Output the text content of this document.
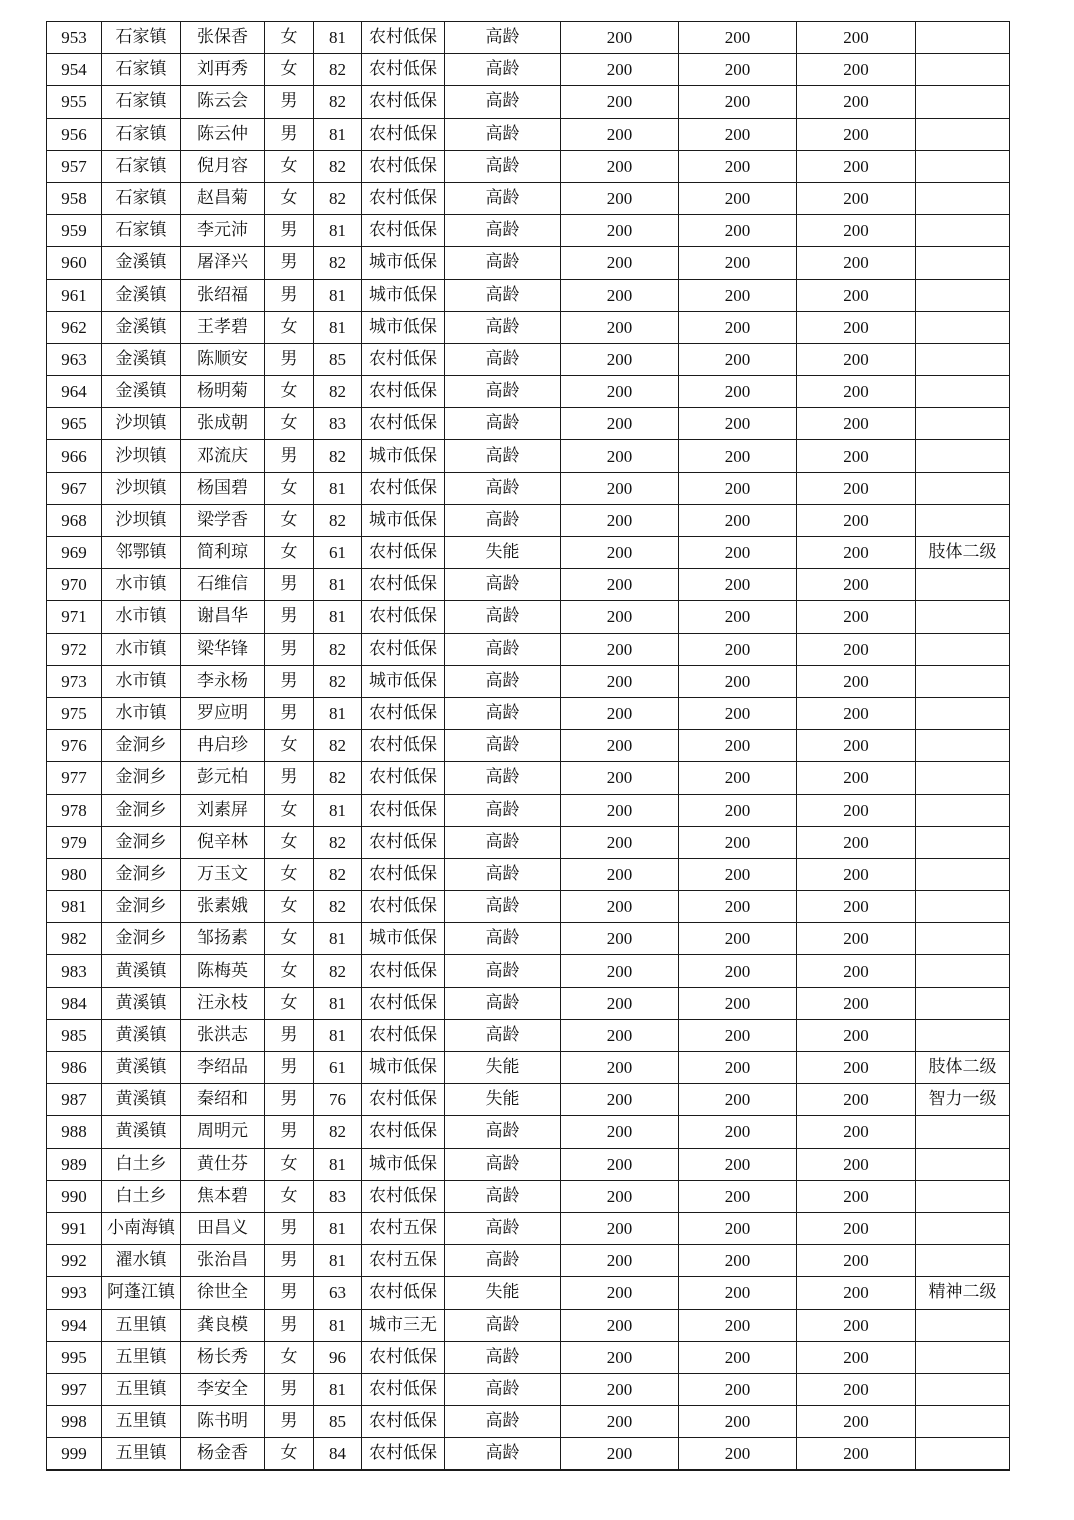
953	石家镇	张保香	女	81	农村低保	高龄	200	200	200	
954	石家镇	刘再秀	女	82	农村低保	高龄	200	200	200	
955	石家镇	陈云会	男	82	农村低保	高龄	200	200	200	
956	石家镇	陈云仲	男	81	农村低保	高龄	200	200	200	
957	石家镇	倪月容	女	82	农村低保	高龄	200	200	200	
958	石家镇	赵昌菊	女	82	农村低保	高龄	200	200	200	
959	石家镇	李元沛	男	81	农村低保	高龄	200	200	200	
960	金溪镇	屠泽兴	男	82	城市低保	高龄	200	200	200	
961	金溪镇	张绍福	男	81	城市低保	高龄	200	200	200	
962	金溪镇	王孝碧	女	81	城市低保	高龄	200	200	200	
963	金溪镇	陈顺安	男	85	农村低保	高龄	200	200	200	
964	金溪镇	杨明菊	女	82	农村低保	高龄	200	200	200	
965	沙坝镇	张成朝	女	83	农村低保	高龄	200	200	200	
966	沙坝镇	邓流庆	男	82	城市低保	高龄	200	200	200	
967	沙坝镇	杨国碧	女	81	农村低保	高龄	200	200	200	
968	沙坝镇	梁学香	女	82	城市低保	高龄	200	200	200	
969	邻鄂镇	简利琼	女	61	农村低保	失能	200	200	200	肢体二级
970	水市镇	石维信	男	81	农村低保	高龄	200	200	200	
971	水市镇	谢昌华	男	81	农村低保	高龄	200	200	200	
972	水市镇	梁华锋	男	82	农村低保	高龄	200	200	200	
973	水市镇	李永杨	男	82	城市低保	高龄	200	200	200	
975	水市镇	罗应明	男	81	农村低保	高龄	200	200	200	
976	金洞乡	冉启珍	女	82	农村低保	高龄	200	200	200	
977	金洞乡	彭元柏	男	82	农村低保	高龄	200	200	200	
978	金洞乡	刘素屏	女	81	农村低保	高龄	200	200	200	
979	金洞乡	倪辛林	女	82	农村低保	高龄	200	200	200	
980	金洞乡	万玉文	女	82	农村低保	高龄	200	200	200	
981	金洞乡	张素娥	女	82	农村低保	高龄	200	200	200	
982	金洞乡	邹扬素	女	81	城市低保	高龄	200	200	200	
983	黄溪镇	陈梅英	女	82	农村低保	高龄	200	200	200	
984	黄溪镇	汪永枝	女	81	农村低保	高龄	200	200	200	
985	黄溪镇	张洪志	男	81	农村低保	高龄	200	200	200	
986	黄溪镇	李绍品	男	61	城市低保	失能	200	200	200	肢体二级
987	黄溪镇	秦绍和	男	76	农村低保	失能	200	200	200	智力一级
988	黄溪镇	周明元	男	82	农村低保	高龄	200	200	200	
989	白土乡	黄仕芬	女	81	城市低保	高龄	200	200	200	
990	白土乡	焦本碧	女	83	农村低保	高龄	200	200	200	
991	小南海镇	田昌义	男	81	农村五保	高龄	200	200	200	
992	濯水镇	张治昌	男	81	农村五保	高龄	200	200	200	
993	阿蓬江镇	徐世全	男	63	农村低保	失能	200	200	200	精神二级
994	五里镇	龚良模	男	81	城市三无	高龄	200	200	200	
995	五里镇	杨长秀	女	96	农村低保	高龄	200	200	200	
997	五里镇	李安全	男	81	农村低保	高龄	200	200	200	
998	五里镇	陈书明	男	85	农村低保	高龄	200	200	200	
999	五里镇	杨金香	女	84	农村低保	高龄	200	200	200	
